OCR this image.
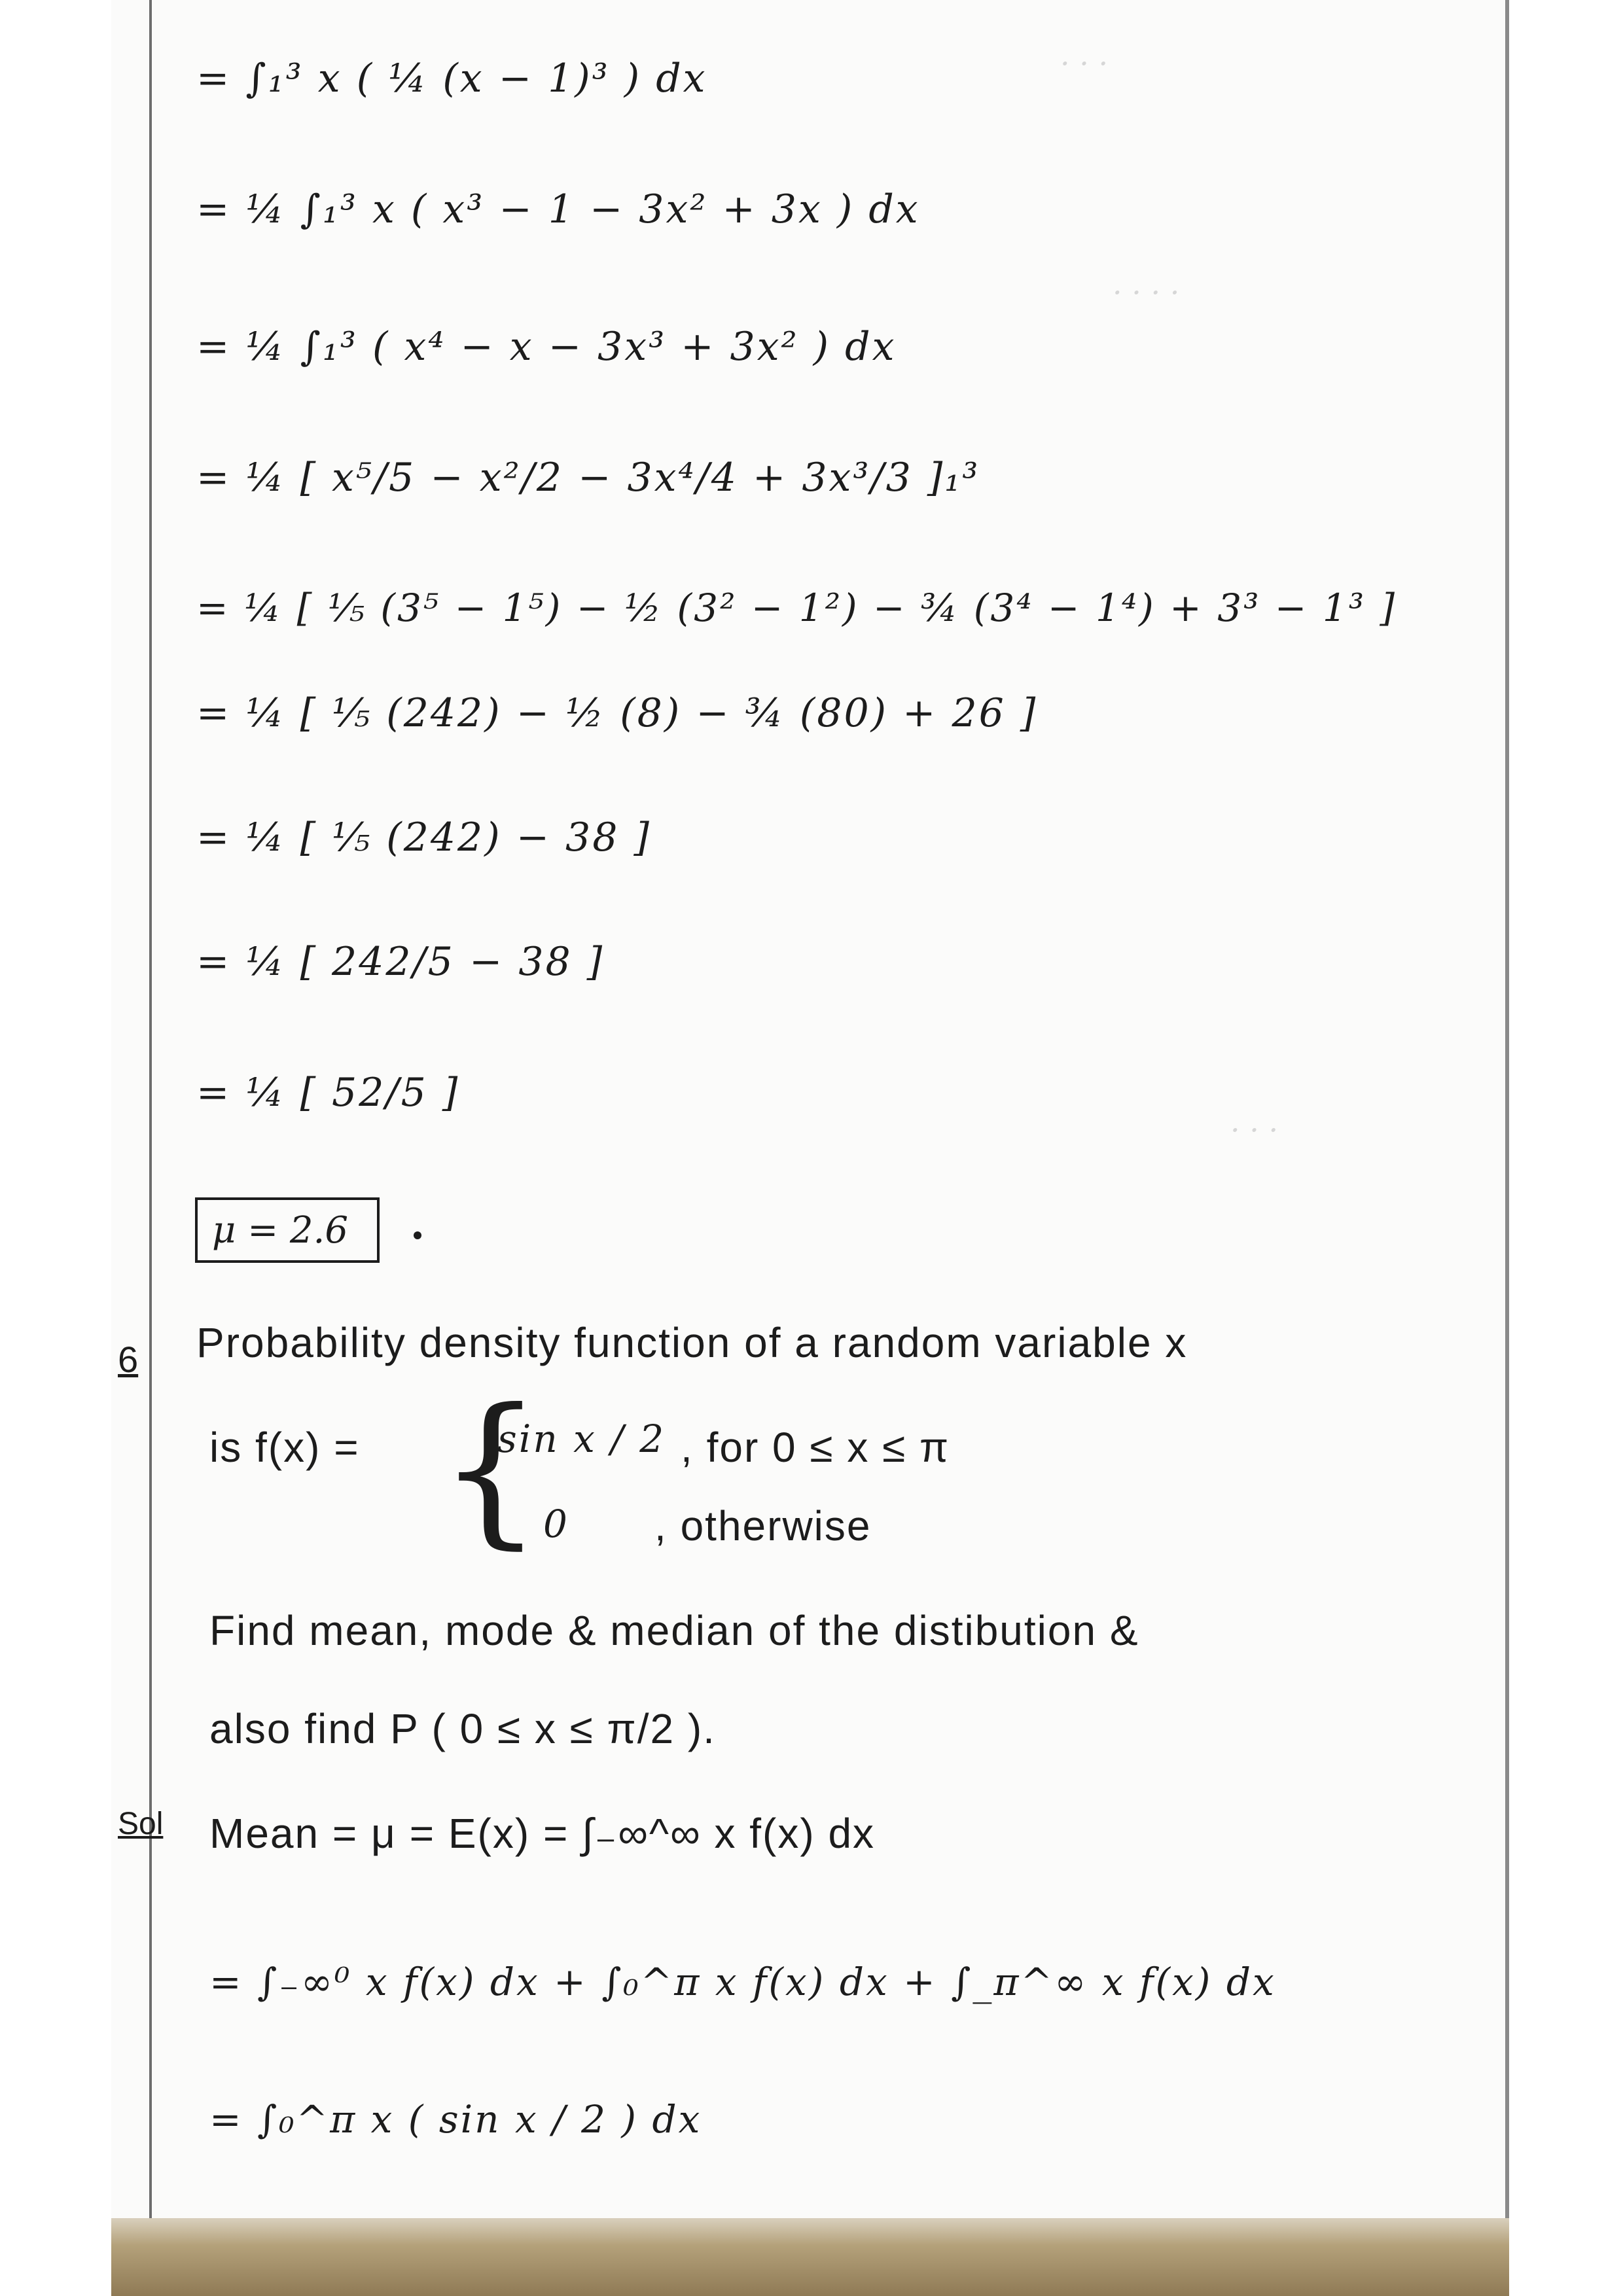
· · ·
· · · ·
· · ·
= ∫₁³ x ( ¼ (x − 1)³ ) dx
= ¼ ∫₁³ x ( x³ − 1 − 3x² + 3x ) dx
= ¼ ∫₁³ ( x⁴ − x − 3x³ + 3x² ) dx
= ¼ [ x⁵/5 − x²/2 − 3x⁴/4 + 3x³/3 ]₁³
= ¼ [ ⅕ (3⁵ − 1⁵) − ½ (3² − 1²) − ¾ (3⁴ − 1⁴) + 3³ − 1³ ]
= ¼ [ ⅕ (242) − ½ (8) − ¾ (80) + 26 ]
= ¼ [ ⅕ (242) − 38 ]
= ¼ [ 242/5 − 38 ]
= ¼ [ 52/5 ]
μ = 2.6
6 Probability density function of a random variable x
is f(x) = {
sin x / 2 , for 0 ≤ x ≤ π
0 , otherwise
Find mean, mode & median of the distibution &
also find P ( 0 ≤ x ≤ π/2 ).
Sol Mean = μ = E(x) = ∫₋∞^∞ x f(x) dx
= ∫₋∞⁰ x f(x) dx + ∫₀^π x f(x) dx + ∫_π^∞ x f(x) dx
= ∫₀^π x ( sin x / 2 ) dx
